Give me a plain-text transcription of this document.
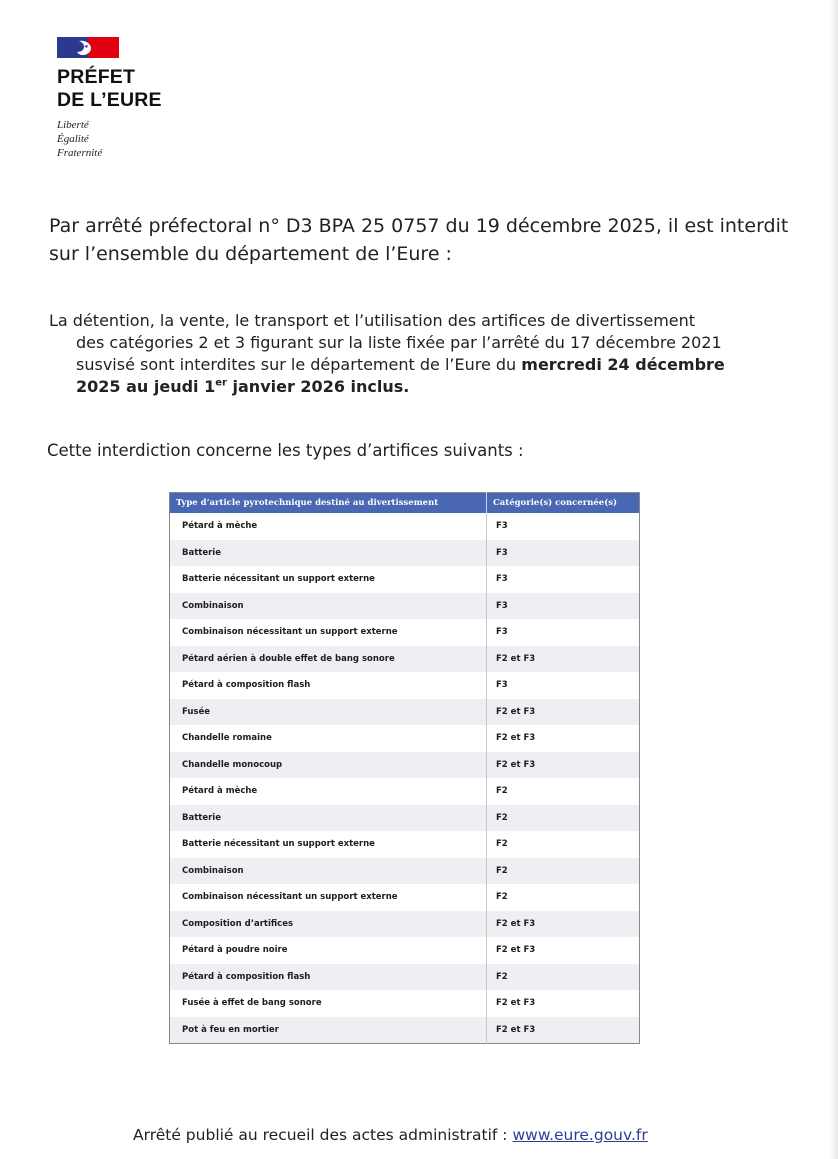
PRÉFET
DE L’EURE
Liberté
Égalité
Fraternité
Par arrêté préfectoral n° D3 BPA 25 0757 du 19 décembre 2025, il est interdit sur l’ensemble du département de l’Eure :
La détention, la vente, le transport et l’utilisation des artifices de divertissement

des catégories 2 et 3 figurant sur la liste fixée par l’arrêté du 17 décembre 2021
susvisé sont interdites sur le département de l’Eure du mercredi 24 décembre
2025 au jeudi 1er janvier 2026 inclus.
Cette interdiction concerne les types d’artifices suivants :
Type d’article pyrotechnique destiné au divertissement	Catégorie(s) concernée(s)
Pétard à mèche	F3
Batterie	F3
Batterie nécessitant un support externe	F3
Combinaison	F3
Combinaison nécessitant un support externe	F3
Pétard aérien à double effet de bang sonore	F2 et F3
Pétard à composition flash	F3
Fusée	F2 et F3
Chandelle romaine	F2 et F3
Chandelle monocoup	F2 et F3
Pétard à mèche	F2
Batterie	F2
Batterie nécessitant un support externe	F2
Combinaison	F2
Combinaison nécessitant un support externe	F2
Composition d’artifices	F2 et F3
Pétard à poudre noire	F2 et F3
Pétard à composition flash	F2
Fusée à effet de bang sonore	F2 et F3
Pot à feu en mortier	F2 et F3
Arrêté publié au recueil des actes administratif : www.eure.gouv.fr
